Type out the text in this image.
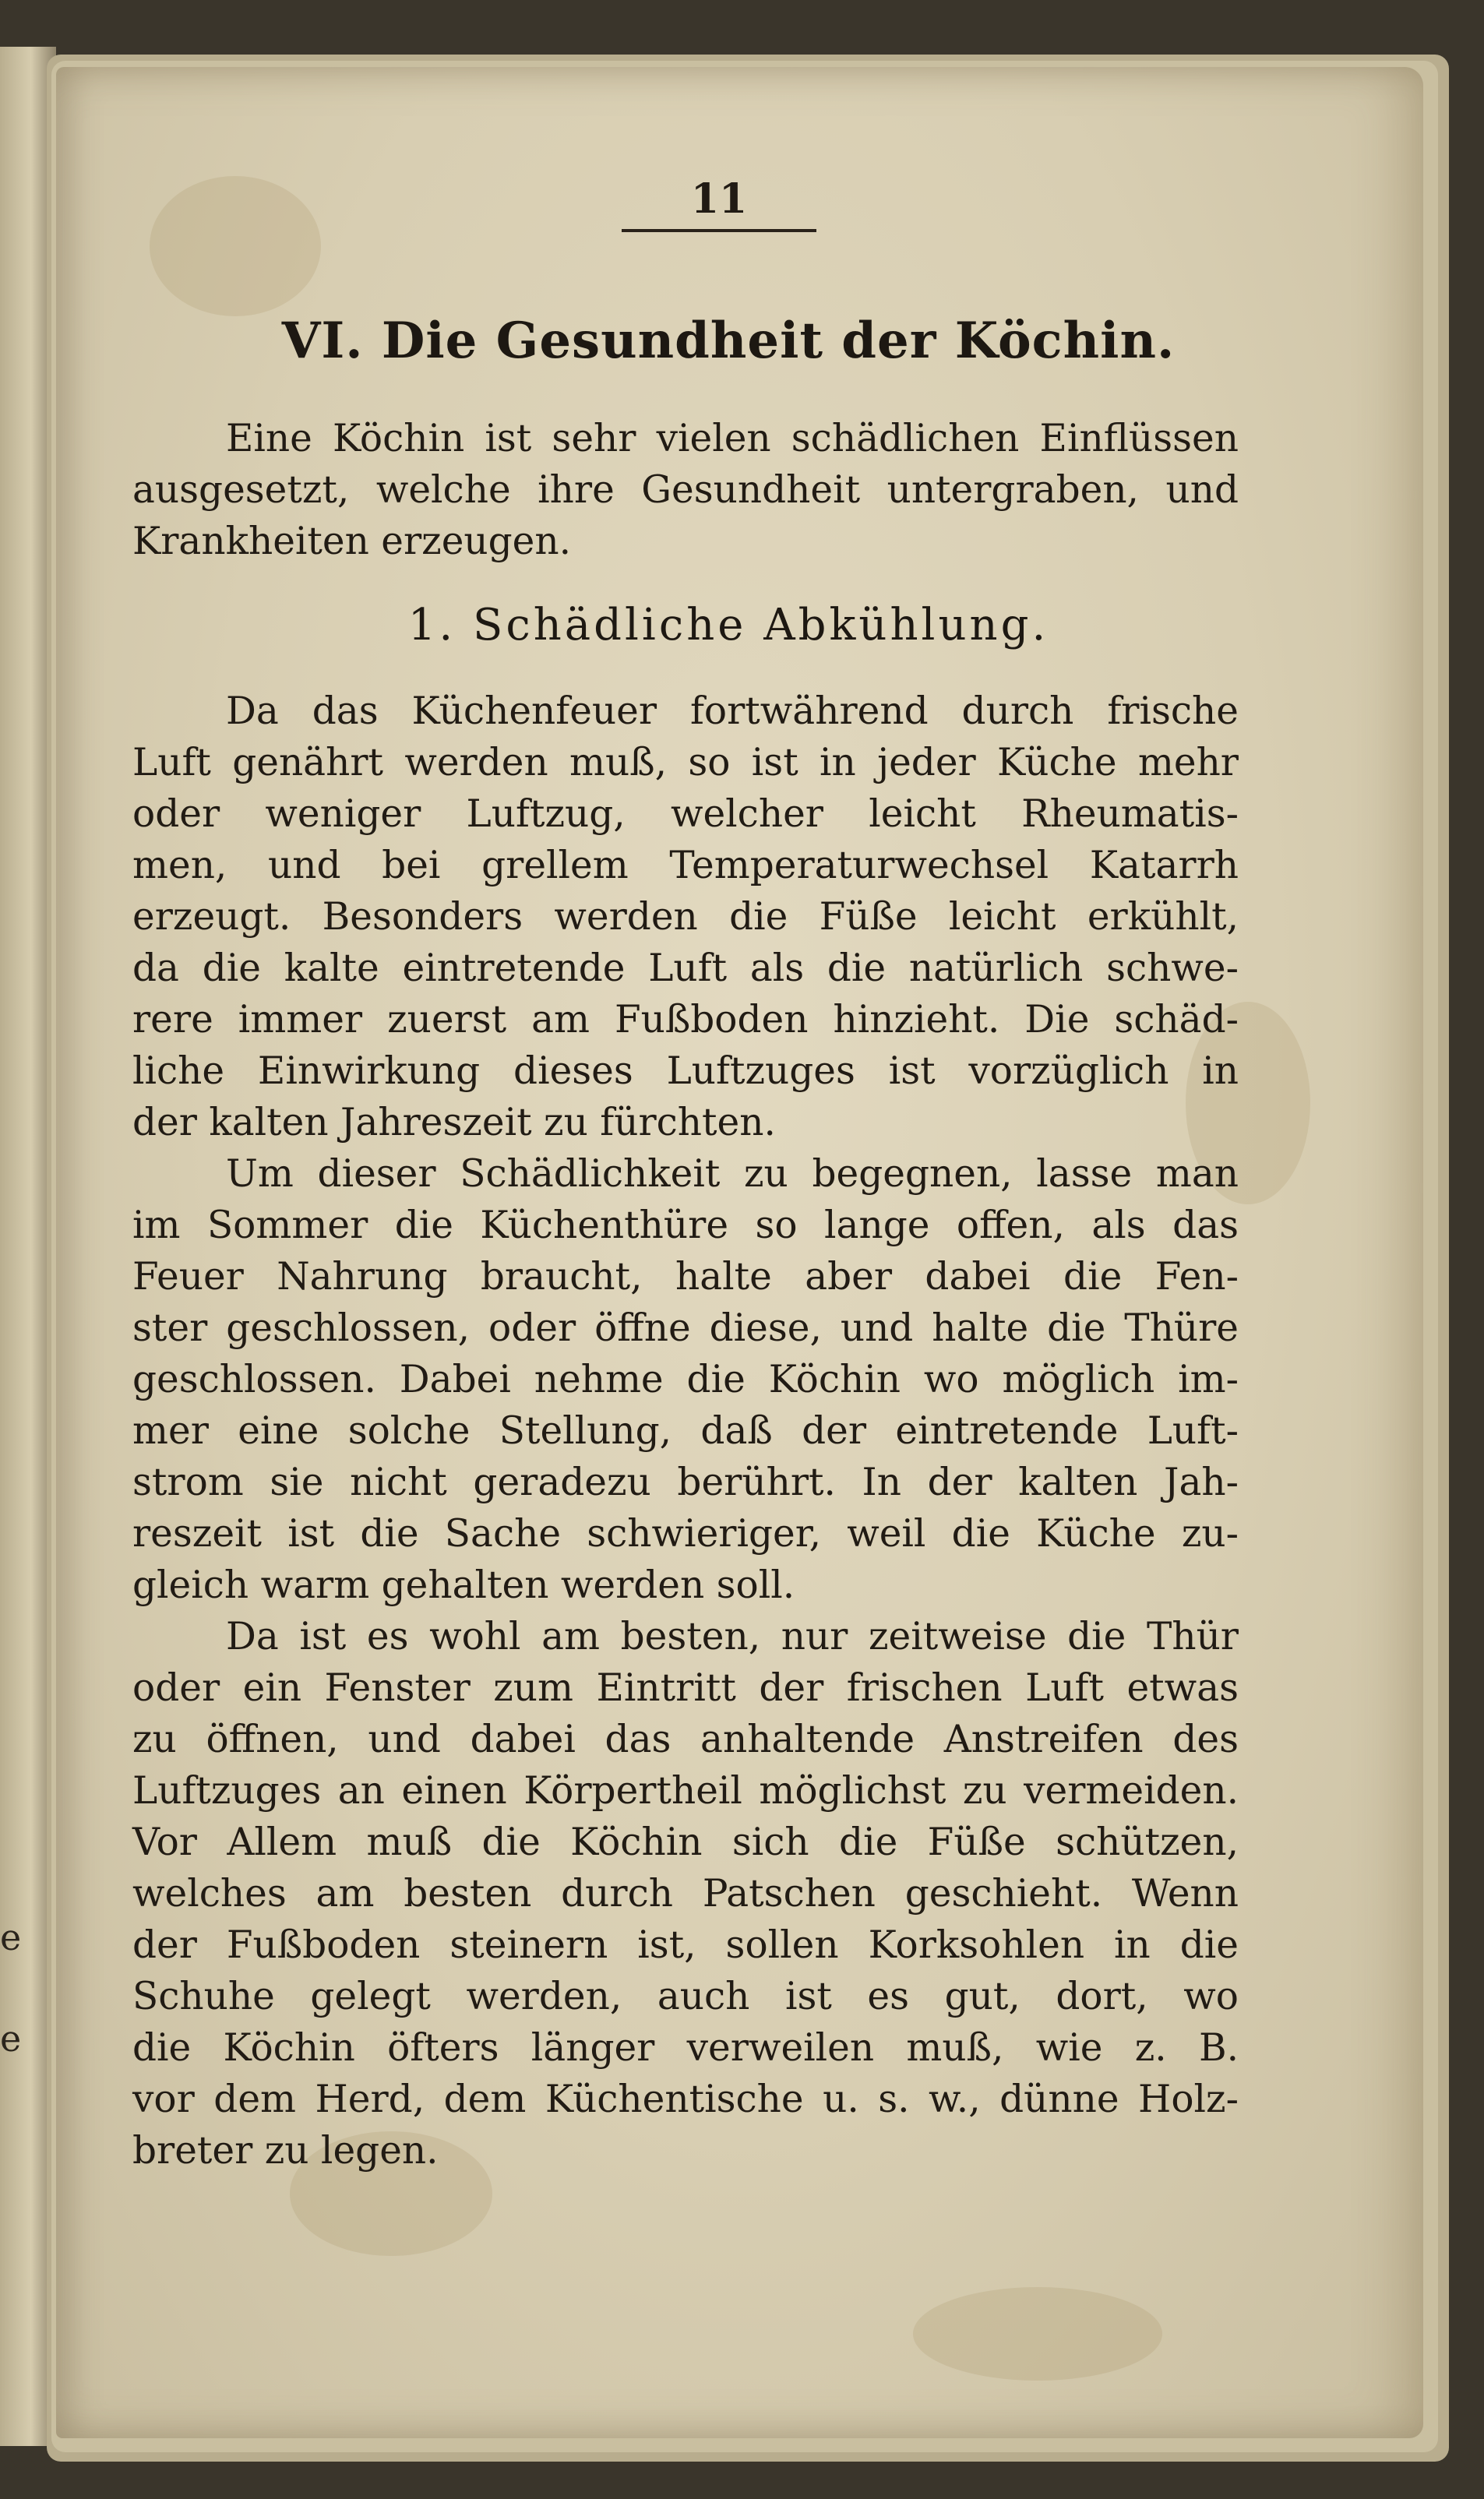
e
e
11
VI. Die Gesundheit der Köchin.
Eine Köchin ist sehr vielen schädlichen Einflüssen
ausgesetzt, welche ihre Gesundheit untergraben, und
Krankheiten erzeugen.
1. Schädliche Abkühlung.
Da das Küchenfeuer fortwährend durch frische
Luft genährt werden muß, so ist in jeder Küche mehr
oder weniger Luftzug, welcher leicht Rheumatis-
men, und bei grellem Temperaturwechsel Katarrh
erzeugt. Besonders werden die Füße leicht erkühlt,
da die kalte eintretende Luft als die natürlich schwe-
rere immer zuerst am Fußboden hinzieht. Die schäd-
liche Einwirkung dieses Luftzuges ist vorzüglich in
der kalten Jahreszeit zu fürchten.
Um dieser Schädlichkeit zu begegnen, lasse man
im Sommer die Küchenthüre so lange offen, als das
Feuer Nahrung braucht, halte aber dabei die Fen-
ster geschlossen, oder öffne diese, und halte die Thüre
geschlossen. Dabei nehme die Köchin wo möglich im-
mer eine solche Stellung, daß der eintretende Luft-
strom sie nicht geradezu berührt. In der kalten Jah-
reszeit ist die Sache schwieriger, weil die Küche zu-
gleich warm gehalten werden soll.
Da ist es wohl am besten, nur zeitweise die Thür
oder ein Fenster zum Eintritt der frischen Luft etwas
zu öffnen, und dabei das anhaltende Anstreifen des
Luftzuges an einen Körpertheil möglichst zu vermeiden.
Vor Allem muß die Köchin sich die Füße schützen,
welches am besten durch Patschen geschieht. Wenn
der Fußboden steinern ist, sollen Korksohlen in die
Schuhe gelegt werden, auch ist es gut, dort, wo
die Köchin öfters länger verweilen muß, wie z. B.
vor dem Herd, dem Küchentische u. s. w., dünne Holz-
breter zu legen.
